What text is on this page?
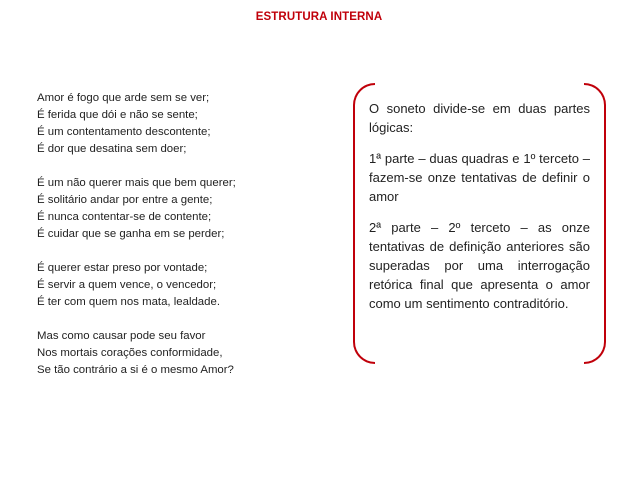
ESTRUTURA INTERNA
Amor é fogo que arde sem se ver;
É ferida que dói e não se sente;
É um contentamento descontente;
É dor que desatina sem doer;
É um não querer mais que bem querer;
É solitário andar por entre a gente;
É nunca contentar-se de contente;
É cuidar que se ganha em se perder;
É querer estar preso por vontade;
É servir a quem vence, o vencedor;
É ter com quem nos mata, lealdade.
Mas como causar pode seu favor
Nos mortais corações conformidade,
Se tão contrário a si é o mesmo Amor?

O soneto divide-se em duas partes lógicas:

1ª parte – duas quadras e 1º terceto – fazem-se onze tentativas de definir o amor

2ª parte – 2º terceto – as onze tentativas de definição anteriores são superadas por uma interrogação retórica final que apresenta o amor como um sentimento contraditório.
